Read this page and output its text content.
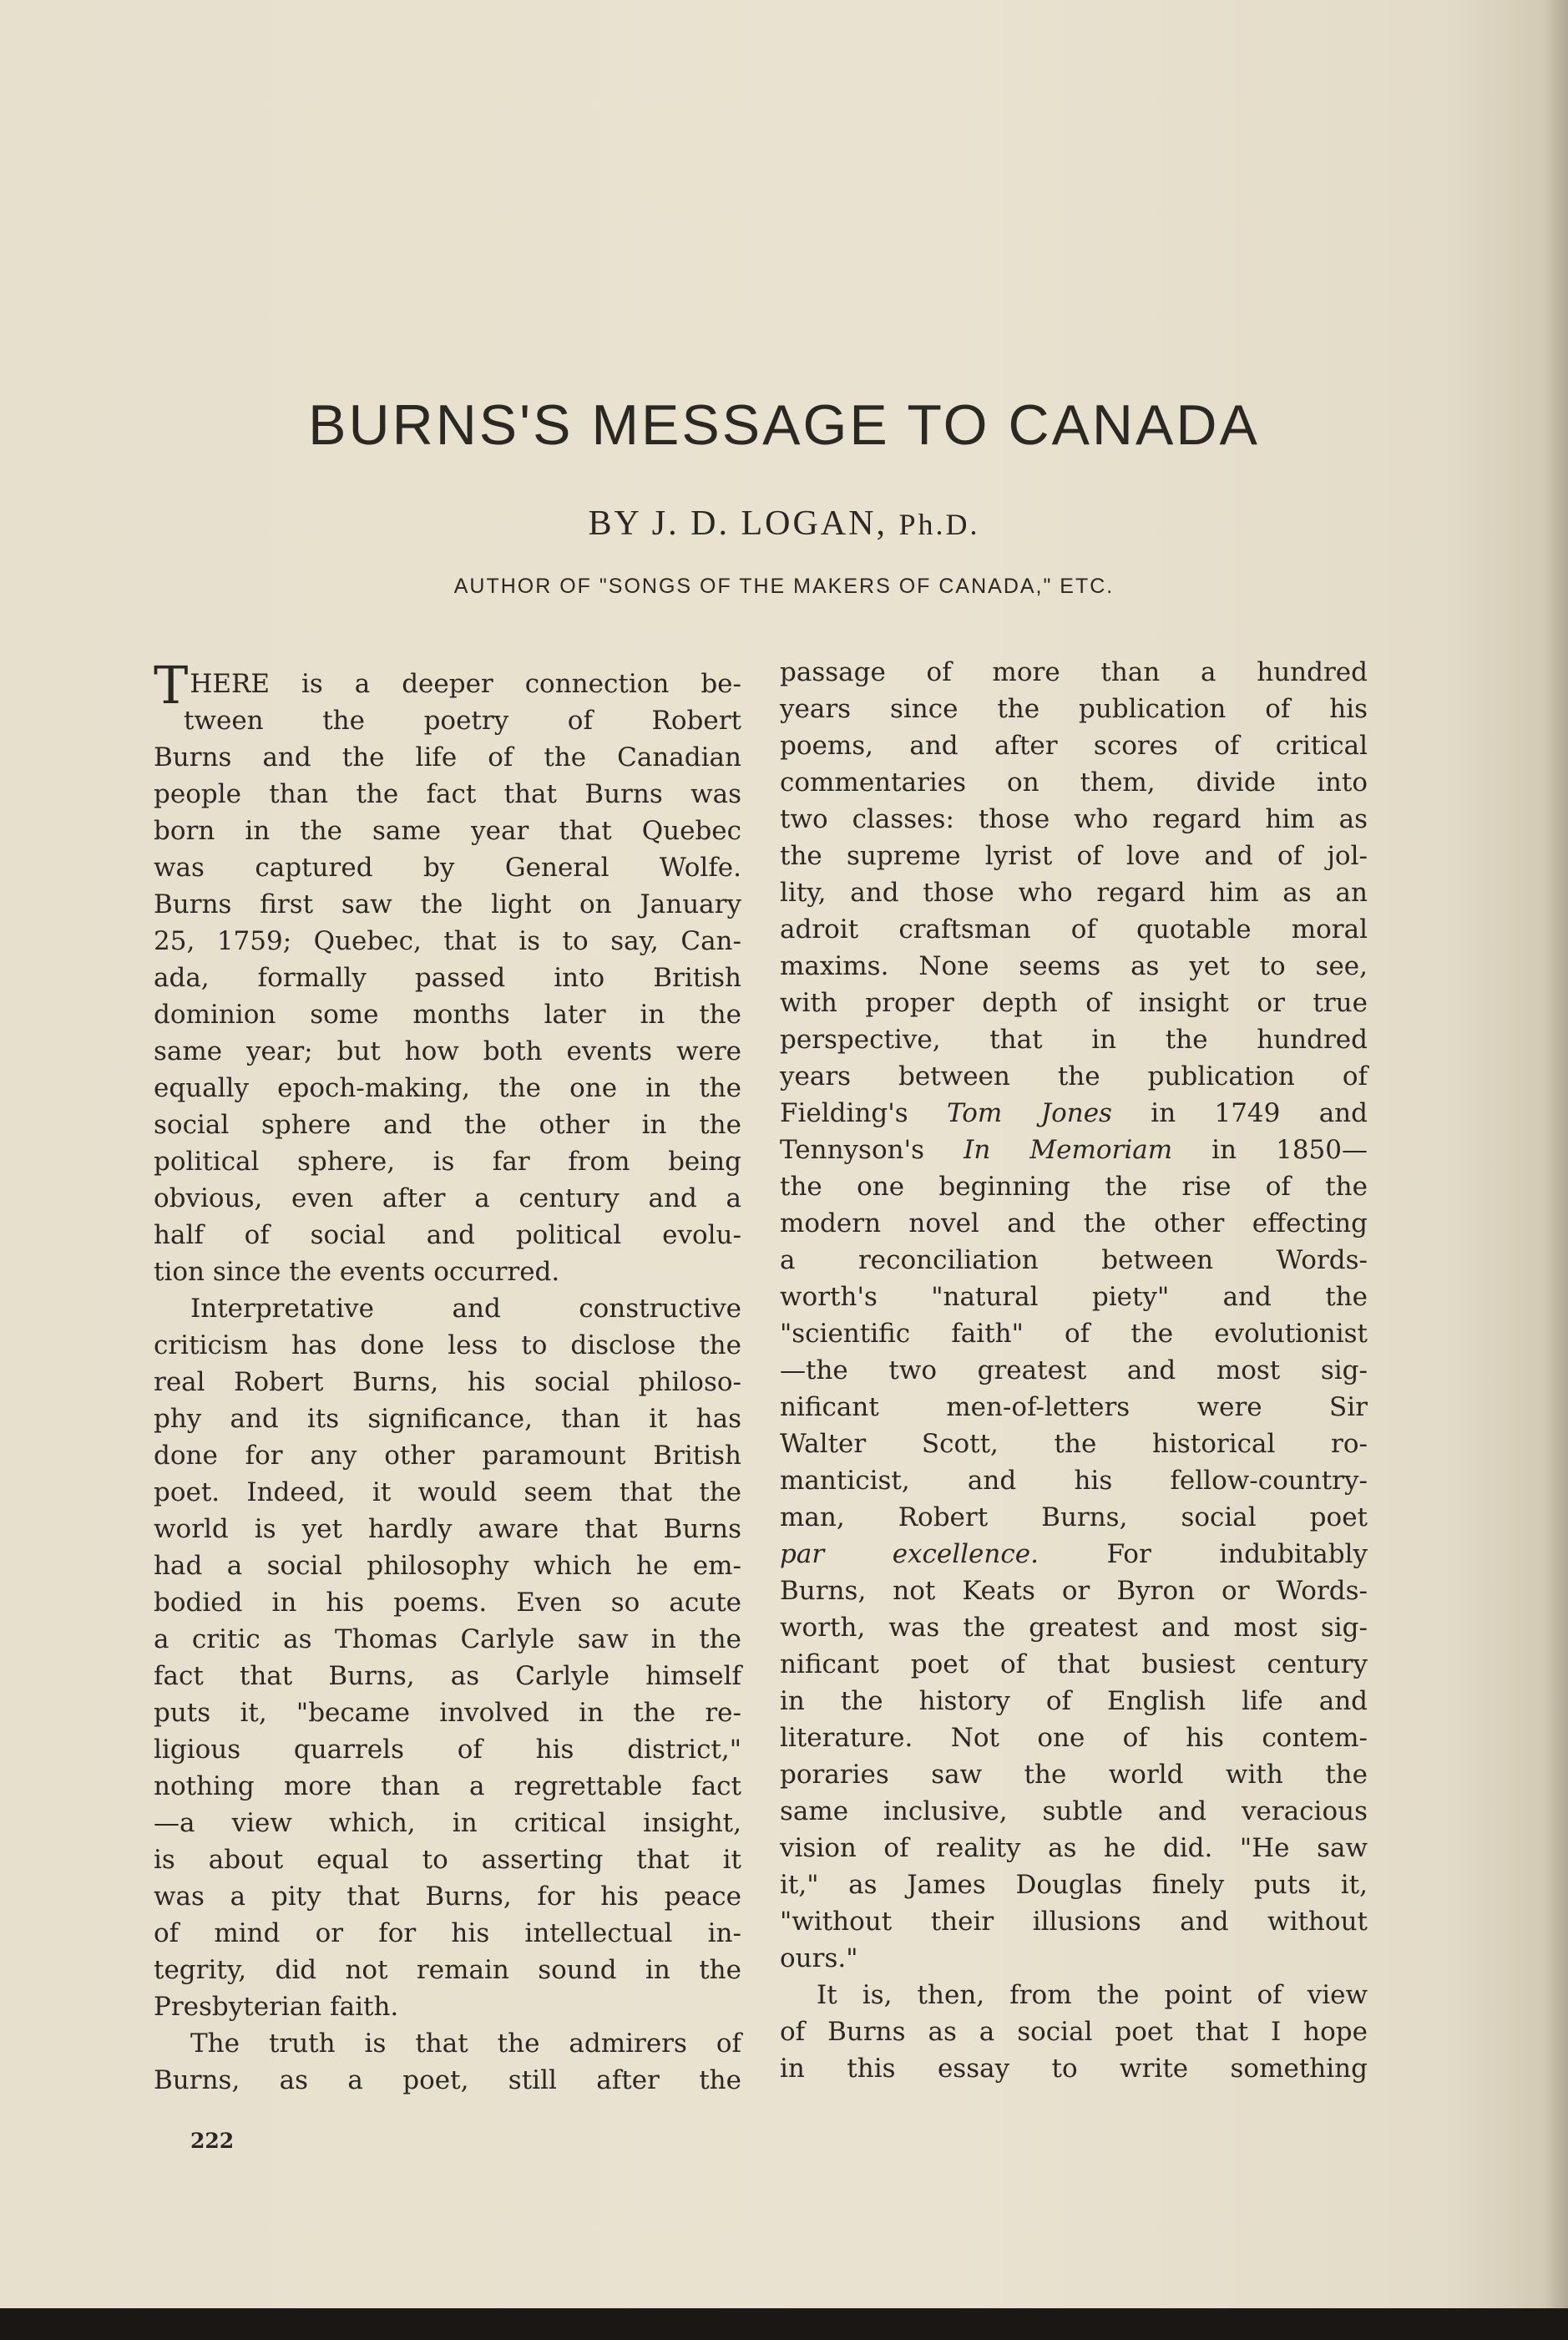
BURNS'S MESSAGE TO CANADA
BY J. D. LOGAN, Ph.D.
AUTHOR OF "SONGS OF THE MAKERS OF CANADA," ETC.
THERE is a deeper connection be-
tween the poetry of Robert
Burns and the life of the Canadian
people than the fact that Burns was
born in the same year that Quebec
was captured by General Wolfe.
Burns first saw the light on January
25, 1759; Quebec, that is to say, Can-
ada, formally passed into British
dominion some months later in the
same year; but how both events were
equally epoch-making, the one in the
social sphere and the other in the
political sphere, is far from being
obvious, even after a century and a
half of social and political evolu-
tion since the events occurred.
Interpretative and constructive
criticism has done less to disclose the
real Robert Burns, his social philoso-
phy and its significance, than it has
done for any other paramount British
poet. Indeed, it would seem that the
world is yet hardly aware that Burns
had a social philosophy which he em-
bodied in his poems. Even so acute
a critic as Thomas Carlyle saw in the
fact that Burns, as Carlyle himself
puts it, "became involved in the re-
ligious quarrels of his district,"
nothing more than a regrettable fact
—a view which, in critical insight,
is about equal to asserting that it
was a pity that Burns, for his peace
of mind or for his intellectual in-
tegrity, did not remain sound in the
Presbyterian faith.
The truth is that the admirers of
Burns, as a poet, still after the
passage of more than a hundred
years since the publication of his
poems, and after scores of critical
commentaries on them, divide into
two classes: those who regard him as
the supreme lyrist of love and of jol-
lity, and those who regard him as an
adroit craftsman of quotable moral
maxims. None seems as yet to see,
with proper depth of insight or true
perspective, that in the hundred
years between the publication of
Fielding's Tom Jones in 1749 and
Tennyson's In Memoriam in 1850—
the one beginning the rise of the
modern novel and the other effecting
a reconciliation between Words-
worth's "natural piety" and the
"scientific faith" of the evolutionist
—the two greatest and most sig-
nificant men-of-letters were Sir
Walter Scott, the historical ro-
manticist, and his fellow-country-
man, Robert Burns, social poet
par excellence. For indubitably
Burns, not Keats or Byron or Words-
worth, was the greatest and most sig-
nificant poet of that busiest century
in the history of English life and
literature. Not one of his contem-
poraries saw the world with the
same inclusive, subtle and veracious
vision of reality as he did. "He saw
it," as James Douglas finely puts it,
"without their illusions and without
ours."
It is, then, from the point of view
of Burns as a social poet that I hope
in this essay to write something
222
